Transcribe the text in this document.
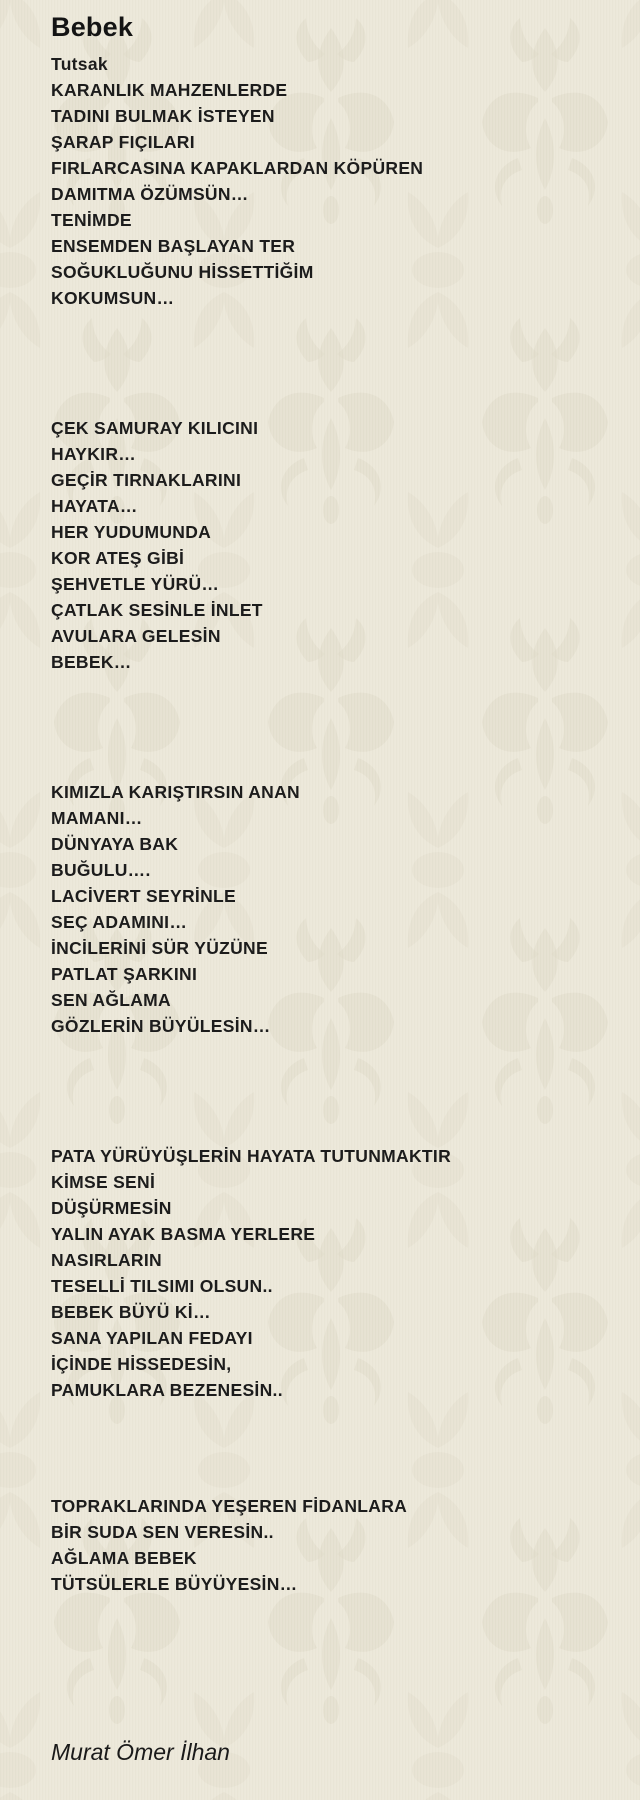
Bebek
Tutsak
KARANLIK MAHZENLERDE
TADINI BULMAK İSTEYEN
ŞARAP FIÇILARI
FIRLARCASINA KAPAKLARDAN KÖPÜREN
DAMITMA ÖZÜMSÜN…
TENİMDE
ENSEMDEN BAŞLAYAN TER
SOĞUKLUĞUNU HİSSETTİĞİM
KOKUMSUN…
ÇEK SAMURAY KILICINI
HAYKIR…
GEÇİR TIRNAKLARINI
HAYATA…
HER YUDUMUNDA
KOR ATEŞ GİBİ
ŞEHVETLE YÜRÜ…
ÇATLAK SESİNLE İNLET
AVULARA GELESİN
BEBEK…
KIMIZLA KARIŞTIRSIN ANAN
MAMANI…
DÜNYAYA BAK
BUĞULU….
LACİVERT SEYRİNLE
SEÇ ADAMINI…
İNCİLERİNİ SÜR YÜZÜNE
PATLAT ŞARKINI
SEN AĞLAMA
GÖZLERİN BÜYÜLESİN…
PATA YÜRÜYÜŞLERİN HAYATA TUTUNMAKTIR
KİMSE SENİ
DÜŞÜRMESİN
YALIN AYAK BASMA YERLERE
NASIRLARIN
TESELLİ TILSIMI OLSUN..
BEBEK BÜYÜ Kİ…
SANA YAPILAN FEDAYI
İÇİNDE HİSSEDESİN,
PAMUKLARA BEZENESİN..
TOPRAKLARINDA YEŞEREN FİDANLARA
BİR SUDA SEN VERESİN..
AĞLAMA BEBEK
TÜTSÜLERLE BÜYÜYESİN…
Murat Ömer İlhan
